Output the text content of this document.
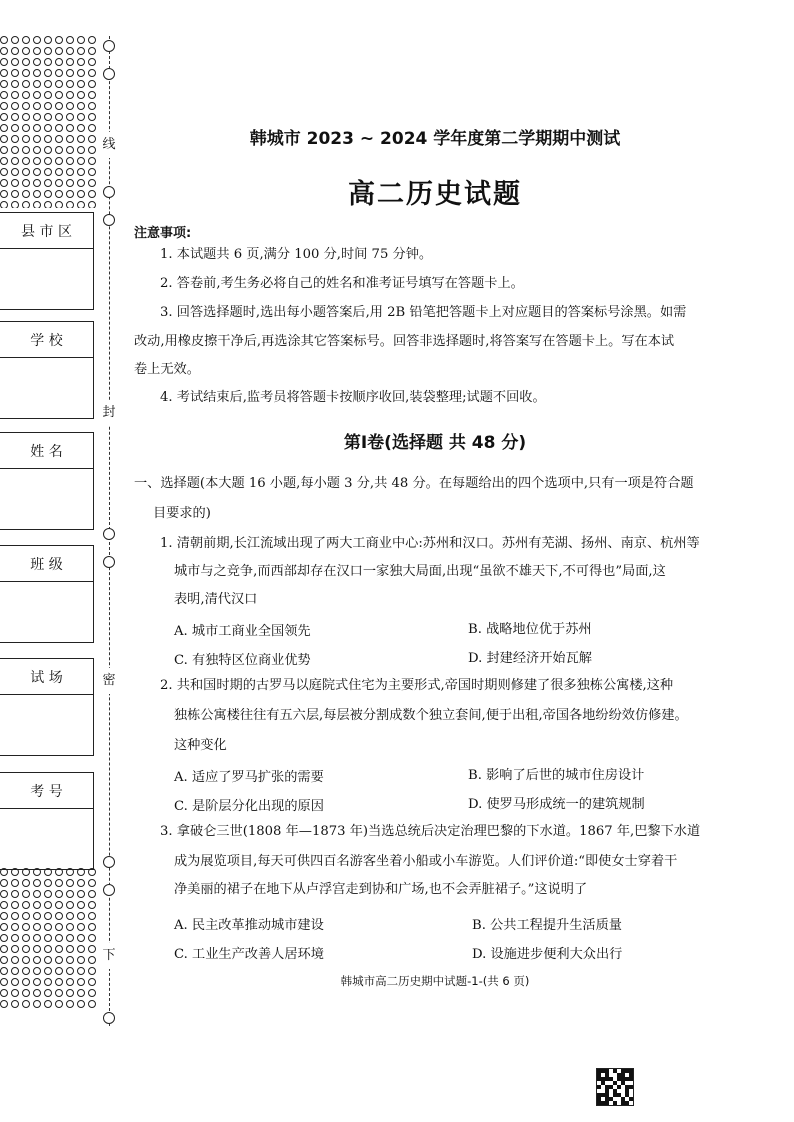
线
封
密
下
县 市 区
学 校
姓 名
班 级
试 场
考 号
韩城市 2023 ~ 2024 学年度第二学期期中测试
高二历史试题
注意事项:
1. 本试题共 6 页,满分 100 分,时间 75 分钟。
2. 答卷前,考生务必将自己的姓名和准考证号填写在答题卡上。
3. 回答选择题时,选出每小题答案后,用 2B 铅笔把答题卡上对应题目的答案标号涂黑。如需
改动,用橡皮擦干净后,再选涂其它答案标号。回答非选择题时,将答案写在答题卡上。写在本试
卷上无效。
4. 考试结束后,监考员将答题卡按顺序收回,装袋整理;试题不回收。
第Ⅰ卷(选择题 共 48 分)
一、选择题(本大题 16 小题,每小题 3 分,共 48 分。在每题给出的四个选项中,只有一项是符合题
目要求的)
1. 清朝前期,长江流域出现了两大工商业中心:苏州和汉口。苏州有芜湖、扬州、南京、杭州等
城市与之竞争,而西部却存在汉口一家独大局面,出现“虽欲不雄天下,不可得也”局面,这
表明,清代汉口
A. 城市工商业全国领先	B. 战略地位优于苏州
C. 有独特区位商业优势	D. 封建经济开始瓦解
2. 共和国时期的古罗马以庭院式住宅为主要形式,帝国时期则修建了很多独栋公寓楼,这种
独栋公寓楼往往有五六层,每层被分割成数个独立套间,便于出租,帝国各地纷纷效仿修建。
这种变化
A. 适应了罗马扩张的需要	B. 影响了后世的城市住房设计
C. 是阶层分化出现的原因	D. 使罗马形成统一的建筑规制
3. 拿破仑三世(1808 年—1873 年)当选总统后决定治理巴黎的下水道。1867 年,巴黎下水道
成为展览项目,每天可供四百名游客坐着小船或小车游览。人们评价道:“即使女士穿着干
净美丽的裙子在地下从卢浮宫走到协和广场,也不会弄脏裙子。”这说明了
A. 民主改革推动城市建设	B. 公共工程提升生活质量
C. 工业生产改善人居环境	D. 设施进步便利大众出行
韩城市高二历史期中试题-1-(共 6 页)
